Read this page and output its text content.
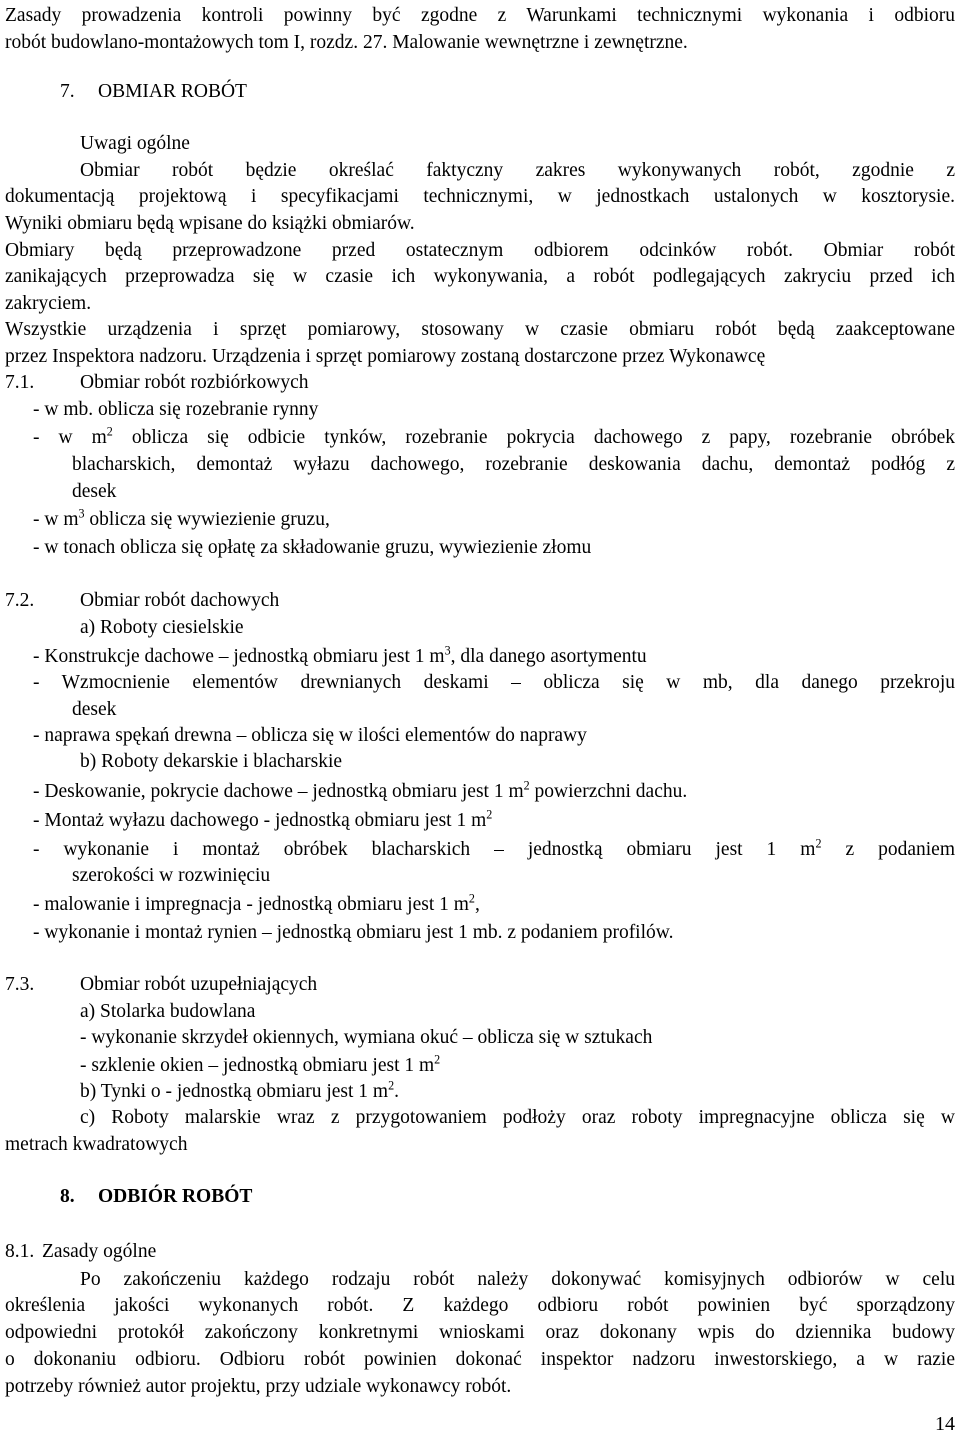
Zasady prowadzenia kontroli powinny być zgodne z Warunkami technicznymi wykonania i odbioru
robót budowlano-montażowych tom I, rozdz. 27. Malowanie wewnętrzne i zewnętrzne.
7. OBMIAR ROBÓT
Uwagi ogólne
Obmiar robót będzie określać faktyczny zakres wykonywanych robót, zgodnie z
dokumentacją projektową i specyfikacjami technicznymi, w jednostkach ustalonych w kosztorysie.
Wyniki obmiaru będą wpisane do książki obmiarów.
Obmiary będą przeprowadzone przed ostatecznym odbiorem odcinków robót. Obmiar robót
zanikających przeprowadza się w czasie ich wykonywania, a robót podlegających zakryciu przed ich
zakryciem.
Wszystkie urządzenia i sprzęt pomiarowy, stosowany w czasie obmiaru robót będą zaakceptowane
przez Inspektora nadzoru. Urządzenia i sprzęt pomiarowy zostaną dostarczone przez Wykonawcę
7.1. Obmiar robót rozbiórkowych
- w mb. oblicza się rozebranie rynny
- w $m^2$ oblicza się odbicie tynków, rozebranie pokrycia dachowego z papy, rozebranie obróbek
blacharskich, demontaż wyłazu dachowego, rozebranie deskowania dachu, demontaż podłóg z
desek
- w $m^3$ oblicza się wywiezienie gruzu,
- w tonach oblicza się opłatę za składowanie gruzu, wywiezienie złomu
7.2. Obmiar robót dachowych
a) Roboty ciesielskie
- Konstrukcje dachowe – jednostką obmiaru jest 1 $m^3$, dla danego asortymentu
- Wzmocnienie elementów drewnianych deskami – oblicza się w mb, dla danego przekroju
desek
- naprawa spękań drewna – oblicza się w ilości elementów do naprawy
b) Roboty dekarskie i blacharskie
- Deskowanie, pokrycie dachowe – jednostką obmiaru jest 1 $m^2$ powierzchni dachu.
- Montaż wyłazu dachowego - jednostką obmiaru jest 1 $m^2$
- wykonanie i montaż obróbek blacharskich – jednostką obmiaru jest 1 $m^2$ z podaniem
szerokości w rozwinięciu
- malowanie i impregnacja - jednostką obmiaru jest 1 $m^2$,
- wykonanie i montaż rynien – jednostką obmiaru jest 1 mb. z podaniem profilów.
7.3. Obmiar robót uzupełniających
a) Stolarka budowlana
- wykonanie skrzydeł okiennych, wymiana okuć – oblicza się w sztukach
- szklenie okien – jednostką obmiaru jest 1 $m^2$
b) Tynki o - jednostką obmiaru jest 1 $m^2$.
c) Roboty malarskie wraz z przygotowaniem podłoży oraz roboty impregnacyjne oblicza się w
metrach kwadratowych
8. ODBIÓR ROBÓT
8.1. Zasady ogólne
Po zakończeniu każdego rodzaju robót należy dokonywać komisyjnych odbiorów w celu
określenia jakości wykonanych robót. Z każdego odbioru robót powinien być sporządzony
odpowiedni protokół zakończony konkretnymi wnioskami oraz dokonany wpis do dziennika budowy
o dokonaniu odbioru. Odbioru robót powinien dokonać inspektor nadzoru inwestorskiego, a w razie
potrzeby również autor projektu, przy udziale wykonawcy robót.
14
